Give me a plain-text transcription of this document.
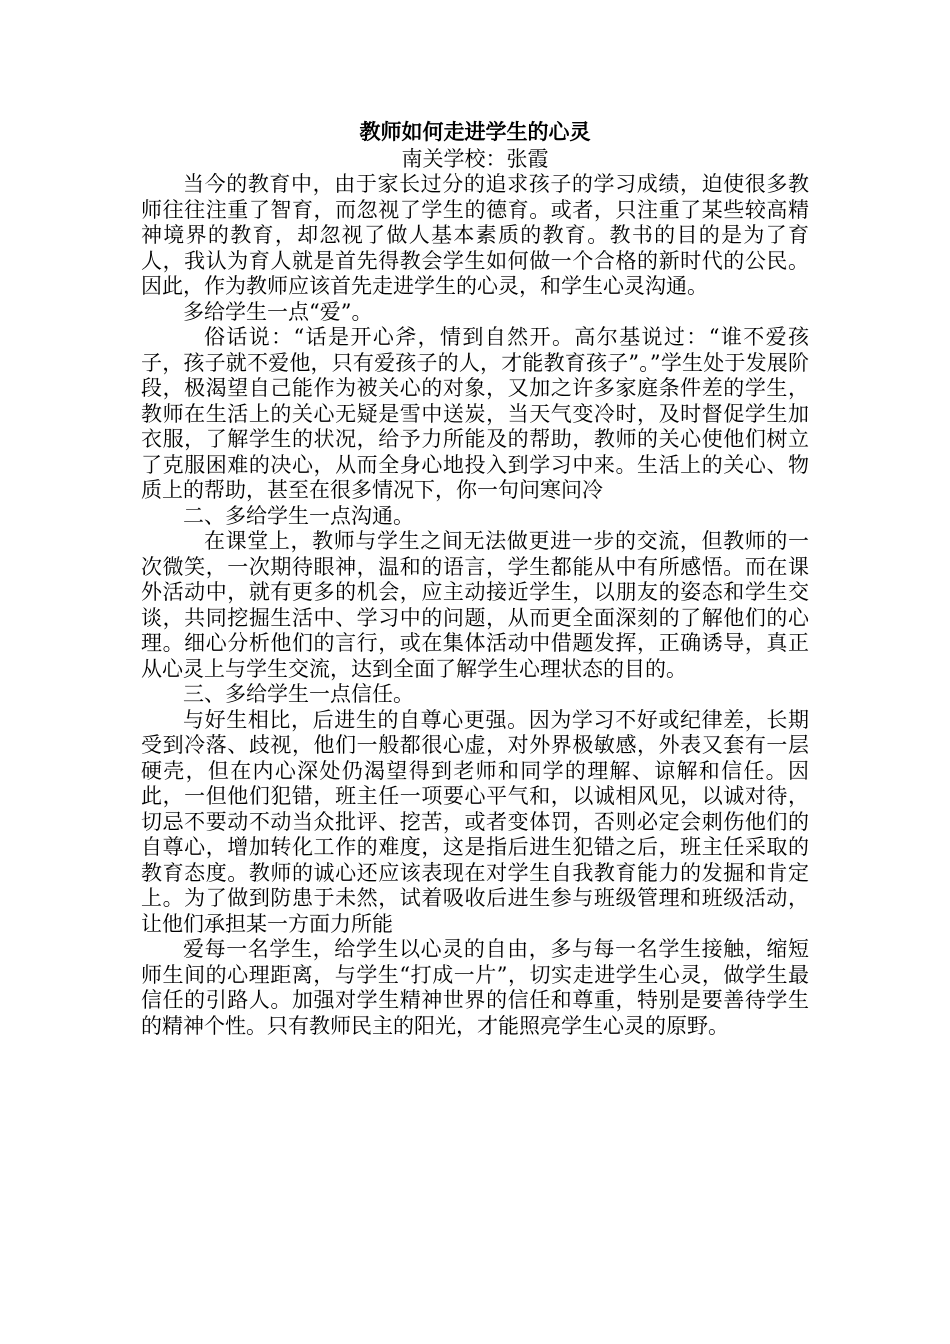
教师如何走进学生的心灵

南关学校：张霞

当今的教育中，由于家长过分的追求孩子的学习成绩，迫使很多教师往往注重了智育，而忽视了学生的德育。或者，只注重了某些较高精神境界的教育，却忽视了做人基本素质的教育。教书的目的是为了育人，我认为育人就是首先得教会学生如何做一个合格的新时代的公民。因此，作为教师应该首先走进学生的心灵，和学生心灵沟通。

多给学生一点“爱”。

俗话说：“话是开心斧，情到自然开。高尔基说过：“谁不爱孩子，孩子就不爱他，只有爱孩子的人，才能教育孩子”。”学生处于发展阶段，极渴望自己能作为被关心的对象，又加之许多家庭条件差的学生，教师在生活上的关心无疑是雪中送炭，当天气变冷时，及时督促学生加衣服，了解学生的状况，给予力所能及的帮助，教师的关心使他们树立了克服困难的决心，从而全身心地投入到学习中来。生活上的关心、物质上的帮助，甚至在很多情况下，你一句问寒问冷

二、多给学生一点沟通。

在课堂上，教师与学生之间无法做更进一步的交流，但教师的一次微笑，一次期待眼神，温和的语言，学生都能从中有所感悟。而在课外活动中，就有更多的机会，应主动接近学生，以朋友的姿态和学生交谈，共同挖掘生活中、学习中的问题，从而更全面深刻的了解他们的心理。细心分析他们的言行，或在集体活动中借题发挥，正确诱导，真正从心灵上与学生交流，达到全面了解学生心理状态的目的。

三、多给学生一点信任。

与好生相比，后进生的自尊心更强。因为学习不好或纪律差，长期受到冷落、歧视，他们一般都很心虚，对外界极敏感，外表又套有一层硬壳，但在内心深处仍渴望得到老师和同学的理解、谅解和信任。因此，一但他们犯错，班主任一项要心平气和，以诚相风见，以诚对待，切忌不要动不动当众批评、挖苦，或者变体罚，否则必定会刺伤他们的自尊心，增加转化工作的难度，这是指后进生犯错之后，班主任采取的教育态度。教师的诚心还应该表现在对学生自我教育能力的发掘和肯定上。为了做到防患于未然，试着吸收后进生参与班级管理和班级活动，让他们承担某一方面力所能

爱每一名学生，给学生以心灵的自由，多与每一名学生接触，缩短师生间的心理距离，与学生“打成一片”，切实走进学生心灵，做学生最信任的引路人。加强对学生精神世界的信任和尊重，特别是要善待学生的精神个性。只有教师民主的阳光，才能照亮学生心灵的原野。
